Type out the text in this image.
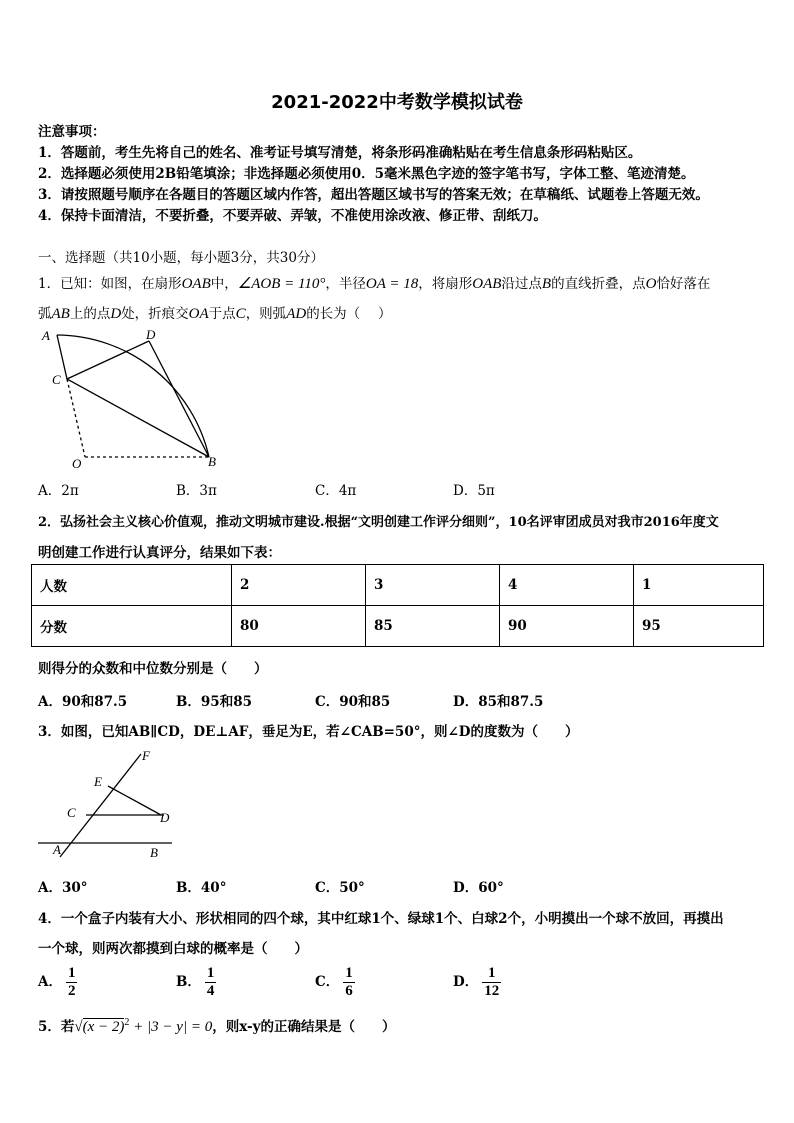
2021-2022中考数学模拟试卷
注意事项：
1．答题前，考生先将自己的姓名、准考证号填写清楚，将条形码准确粘贴在考生信息条形码粘贴区。
2．选择题必须使用2B铅笔填涂；非选择题必须使用0．5毫米黑色字迹的签字笔书写，字体工整、笔迹清楚。
3．请按照题号顺序在各题目的答题区域内作答，超出答题区域书写的答案无效；在草稿纸、试题卷上答题无效。
4．保持卡面清洁，不要折叠，不要弄破、弄皱，不准使用涂改液、修正带、刮纸刀。
一、选择题（共10小题，每小题3分，共30分）
1．已知：如图，在扇形OAB中，∠AOB = 110°，半径OA = 18，将扇形OAB沿过点B的直线折叠，点O恰好落在
弧AB上的点D处，折痕交OA于点C，则弧AD的长为（　 ）
A	D
C
O	B
A．2π	B．3π	C．4π	D．5π
2．弘扬社会主义核心价值观，推动文明城市建设.根据“文明创建工作评分细则”，10名评审团成员对我市2016年度文
明创建工作进行认真评分，结果如下表：
人数	2	3	4	1
分数	80	85	90	95
则得分的众数和中位数分别是（　　）
A．90和87.5	B．95和85	C．90和85	D．85和87.5
3．如图，已知AB∥CD，DE⊥AF，垂足为E，若∠CAB=50°，则∠D的度数为（　　）
F
E
C	D
A	B
A．30°	B．40°	C．50°	D．60°
4．一个盒子内装有大小、形状相同的四个球，其中红球1个、绿球1个、白球2个，小明摸出一个球不放回，再摸出
一个球，则两次都摸到白球的概率是（　　）
A． $\frac{1}{2}$	B． $\frac{1}{4}$	C． $\frac{1}{6}$	D． $\frac{1}{12}$
5．若$√(x - 2)^2 + |3 - y| = 0$，则x-y的正确结果是（　　）
